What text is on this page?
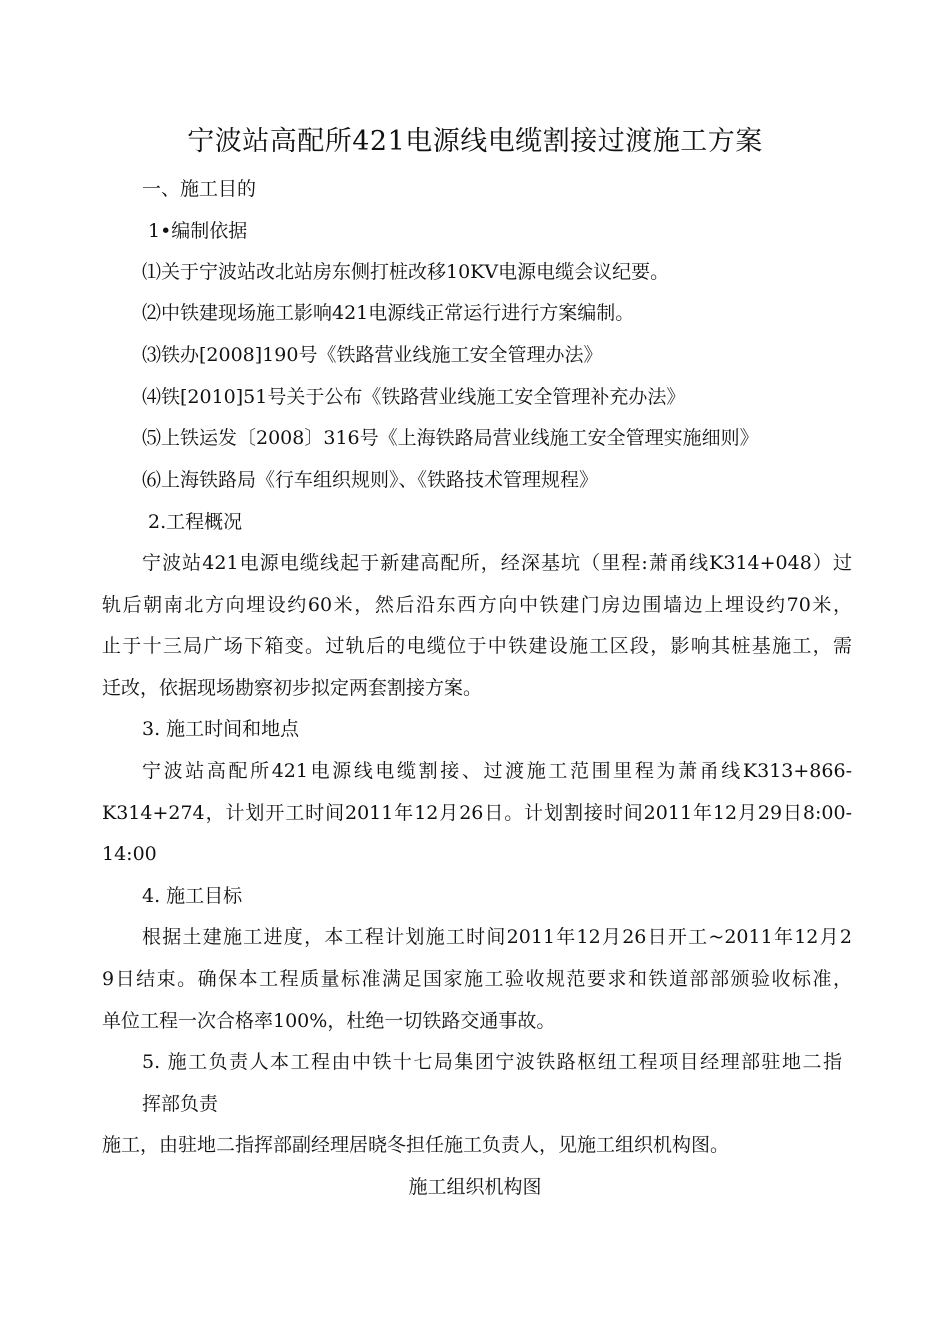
宁波站高配所421电源线电缆割接过渡施工方案
一、施工目的
1•编制依据
⑴关于宁波站改北站房东侧打桩改移10KV电源电缆会议纪要。
⑵中铁建现场施工影响421电源线正常运行进行方案编制。
⑶铁办[2008]190号《铁路营业线施工安全管理办法》
⑷铁[2010]51号关于公布《铁路营业线施工安全管理补充办法》
⑸上铁运发〔2008〕316号《上海铁路局营业线施工安全管理实施细则》
⑹上海铁路局《行车组织规则》、《铁路技术管理规程》
2.工程概况
宁波站421电源电缆线起于新建高配所，经深基坑（里程:萧甬线K314+048）过
轨后朝南北方向埋设约60米，然后沿东西方向中铁建门房边围墙边上埋设约70米，
止于十三局广场下箱变。过轨后的电缆位于中铁建设施工区段，影响其桩基施工，需
迁改，依据现场勘察初步拟定两套割接方案。
3. 施工时间和地点
宁波站高配所421电源线电缆割接、过渡施工范围里程为萧甬线K313+866-
K314+274，计划开工时间2011年12月26日。计划割接时间2011年12月29日8:00-
14:00
4. 施工目标
根据土建施工进度，本工程计划施工时间2011年12月26日开工~2011年12月2
9日结束。确保本工程质量标准满足国家施工验收规范要求和铁道部部颁验收标准，
单位工程一次合格率100%，杜绝一切铁路交通事故。
5. 施工负责人本工程由中铁十七局集团宁波铁路枢纽工程项目经理部驻地二指
挥部负责
施工，由驻地二指挥部副经理居晓冬担任施工负责人，见施工组织机构图。
施工组织机构图
